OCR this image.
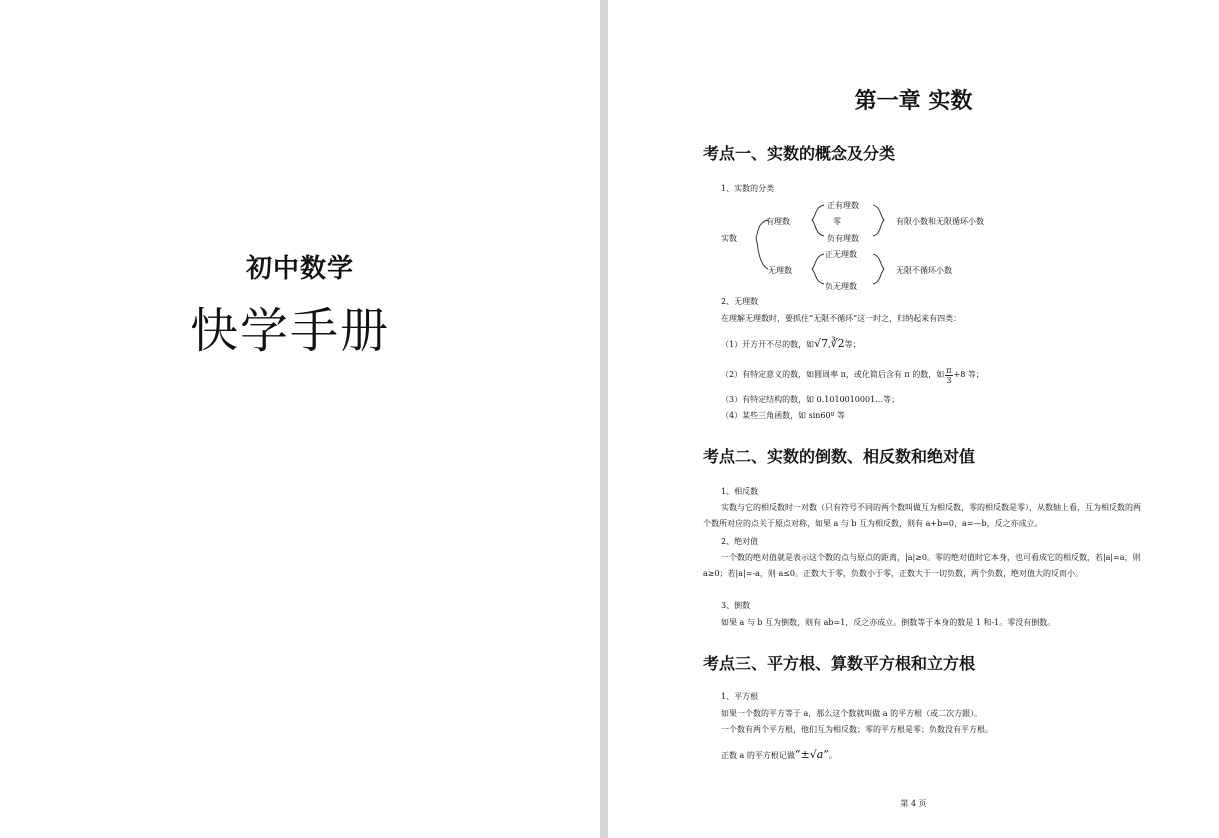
初中数学
快学手册
第一章 实数
考点一、实数的概念及分类
1、实数的分类
实数
有理数
正有理数
零
负有理数
有限小数和无限循环小数
无理数
正无理数
负无理数
无限不循环小数
2、无理数
在理解无理数时，要抓住“无限不循环”这一时之，归纳起来有四类：
（1）开方开不尽的数，如√7,∛2等；
（2）有特定意义的数，如圆周率 π，或化简后含有 π 的数，如 $\frac{\pi}{3} +8$ 等；
（3）有特定结构的数，如 0.1010010001…等；
（4）某些三角函数，如 sin60º 等
考点二、实数的倒数、相反数和绝对值
1、相反数
实数与它的相反数时一对数（只有符号不同的两个数叫做互为相反数，零的相反数是零），从数轴上看，互为相反数的两个数所对应的点关于原点对称，如果 a 与 b 互为相反数，则有 a+b=0，a=—b，反之亦成立。
2、绝对值
一个数的绝对值就是表示这个数的点与原点的距离，|a|≥0。零的绝对值时它本身，也可看成它的相反数，若|a|=a，则 a≥0；若|a|=-a，则 a≤0。正数大于零，负数小于零，正数大于一切负数，两个负数，绝对值大的反而小。
3、倒数
如果 a 与 b 互为倒数，则有 ab=1，反之亦成立。倒数等于本身的数是 1 和-1。零没有倒数。
考点三、平方根、算数平方根和立方根
1、平方根
如果一个数的平方等于 a，那么这个数就叫做 a 的平方根（或二次方跟）。
一个数有两个平方根，他们互为相反数；零的平方根是零；负数没有平方根。
正数 a 的平方根记做“±√a”。
第 4 页
